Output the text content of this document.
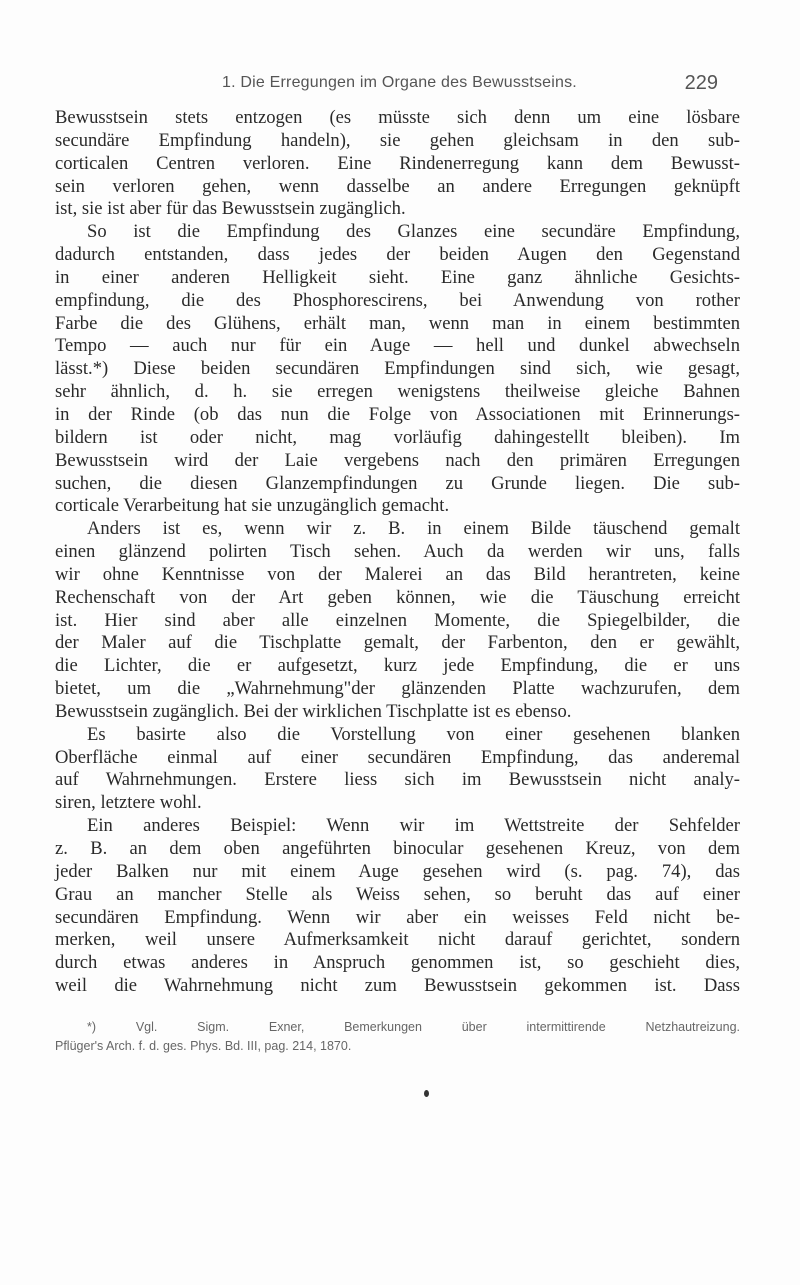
1. Die Erregungen im Organe des Bewusstseins.	229
Bewusstsein stets entzogen (es müsste sich denn um eine lösbare
secundäre Empfindung handeln), sie gehen gleichsam in den sub-
corticalen Centren verloren. Eine Rindenerregung kann dem Bewusst-
sein verloren gehen, wenn dasselbe an andere Erregungen geknüpft
ist, sie ist aber für das Bewusstsein zugänglich.
So ist die Empfindung des Glanzes eine secundäre Empfindung,
dadurch entstanden, dass jedes der beiden Augen den Gegenstand
in einer anderen Helligkeit sieht. Eine ganz ähnliche Gesichts-
empfindung, die des Phosphorescirens, bei Anwendung von rother
Farbe die des Glühens, erhält man, wenn man in einem bestimmten
Tempo — auch nur für ein Auge — hell und dunkel abwechseln
lässt.*) Diese beiden secundären Empfindungen sind sich, wie gesagt,
sehr ähnlich, d. h. sie erregen wenigstens theilweise gleiche Bahnen
in der Rinde (ob das nun die Folge von Associationen mit Erinnerungs-
bildern ist oder nicht, mag vorläufig dahingestellt bleiben). Im
Bewusstsein wird der Laie vergebens nach den primären Erregungen
suchen, die diesen Glanzempfindungen zu Grunde liegen. Die sub-
corticale Verarbeitung hat sie unzugänglich gemacht.
Anders ist es, wenn wir z. B. in einem Bilde täuschend gemalt
einen glänzend polirten Tisch sehen. Auch da werden wir uns, falls
wir ohne Kenntnisse von der Malerei an das Bild herantreten, keine
Rechenschaft von der Art geben können, wie die Täuschung erreicht
ist. Hier sind aber alle einzelnen Momente, die Spiegelbilder, die
der Maler auf die Tischplatte gemalt, der Farbenton, den er gewählt,
die Lichter, die er aufgesetzt, kurz jede Empfindung, die er uns
bietet, um die „Wahrnehmung"der glänzenden Platte wachzurufen, dem
Bewusstsein zugänglich. Bei der wirklichen Tischplatte ist es ebenso.
Es basirte also die Vorstellung von einer gesehenen blanken
Oberfläche einmal auf einer secundären Empfindung, das anderemal
auf Wahrnehmungen. Erstere liess sich im Bewusstsein nicht analy-
siren, letztere wohl.
Ein anderes Beispiel: Wenn wir im Wettstreite der Sehfelder
z. B. an dem oben angeführten binocular gesehenen Kreuz, von dem
jeder Balken nur mit einem Auge gesehen wird (s. pag. 74), das
Grau an mancher Stelle als Weiss sehen, so beruht das auf einer
secundären Empfindung. Wenn wir aber ein weisses Feld nicht be-
merken, weil unsere Aufmerksamkeit nicht darauf gerichtet, sondern
durch etwas anderes in Anspruch genommen ist, so geschieht dies,
weil die Wahrnehmung nicht zum Bewusstsein gekommen ist. Dass
*) Vgl. Sigm. Exner, Bemerkungen über intermittirende Netzhautreizung.
Pflüger's Arch. f. d. ges. Phys. Bd. III, pag. 214, 1870.
